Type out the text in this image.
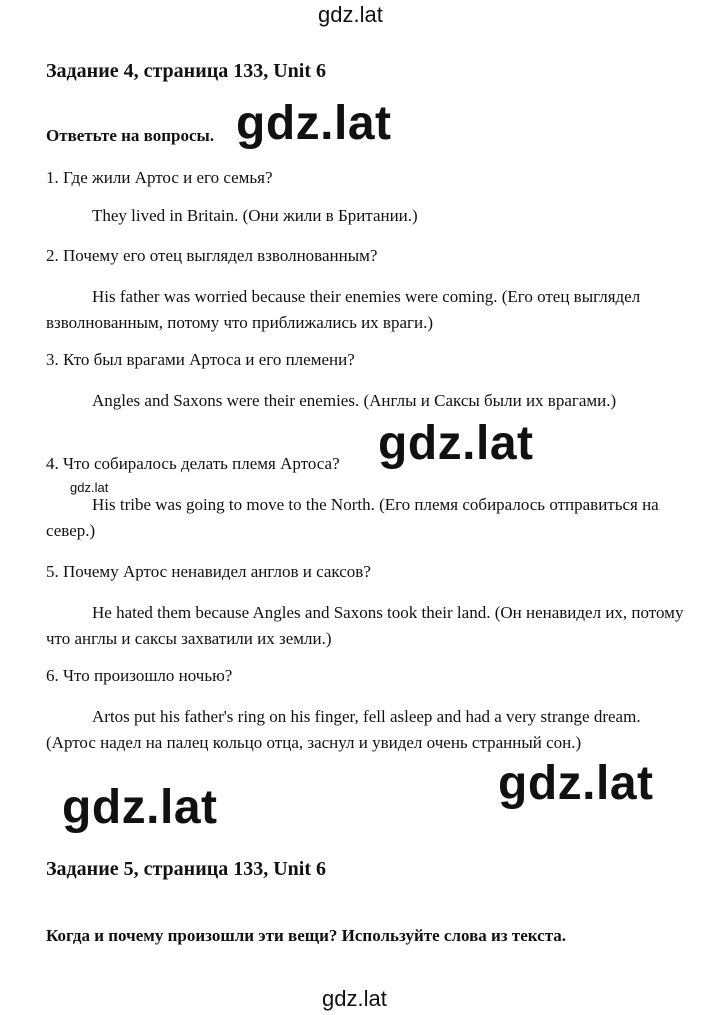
gdz.lat
gdz.lat
gdz.lat
gdz.lat
gdz.lat
gdz.lat
gdz.lat
Задание 4, страница 133, Unit 6
Ответьте на вопросы.
1. Где жили Артос и его семья?
They lived in Britain. (Они жили в Британии.)
2. Почему его отец выглядел взволнованным?
His father was worried because their enemies were coming. (Его отец выглядел взволнованным, потому что приближались их враги.)
3. Кто был врагами Артоса и его племени?
Angles and Saxons were their enemies. (Англы и Саксы были их врагами.)
4. Что собиралось делать племя Артоса?
His tribe was going to move to the North. (Его племя собиралось отправиться на север.)
5. Почему Артос ненавидел англов и саксов?
He hated them because Angles and Saxons took their land. (Он ненавидел их, потому что англы и саксы захватили их земли.)
6. Что произошло ночью?
Artos put his father's ring on his finger, fell asleep and had a very strange dream. (Артос надел на палец кольцо отца, заснул и увидел очень странный сон.)
Задание 5, страница 133, Unit 6
Когда и почему произошли эти вещи? Используйте слова из текста.
